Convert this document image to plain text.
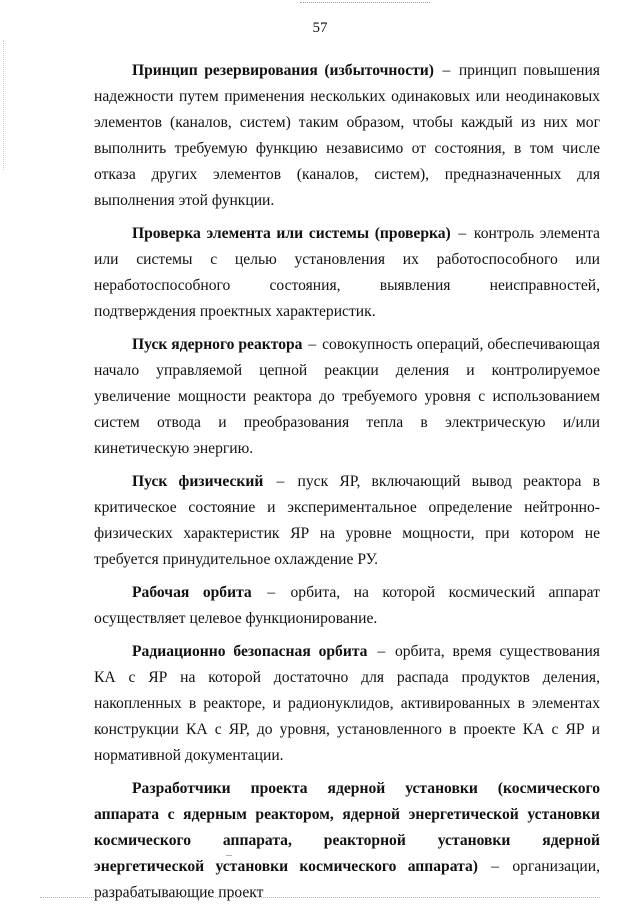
57

Принцип резервирования (избыточности) – принцип повышения надежности путем применения нескольких одинаковых или неодинаковых элементов (каналов, систем) таким образом, чтобы каждый из них мог выполнить требуемую функцию независимо от состояния, в том числе отказа других элементов (каналов, систем), предназначенных для выполнения этой функции.

Проверка элемента или системы (проверка) – контроль элемента или системы с целью установления их работоспособного или неработоспособного состояния, выявления неисправностей, подтверждения проектных характеристик.

Пуск ядерного реактора – совокупность операций, обеспечивающая начало управляемой цепной реакции деления и контролируемое увеличение мощности реактора до требуемого уровня с использованием систем отвода и преобразования тепла в электрическую и/или кинетическую энергию.

Пуск физический – пуск ЯР, включающий вывод реактора в критическое состояние и экспериментальное определение нейтронно-физических характеристик ЯР на уровне мощности, при котором не требуется принудительное охлаждение РУ.

Рабочая орбита – орбита, на которой космический аппарат осуществляет целевое функционирование.

Радиационно безопасная орбита – орбита, время существования КА с ЯР на которой достаточно для распада продуктов деления, накопленных в реакторе, и радионуклидов, активированных в элементах конструкции КА с ЯР, до уровня, установленного в проекте КА с ЯР и нормативной документации.

Разработчики проекта ядерной установки (космического аппарата с ядерным реактором, ядерной энергетической установки космического аппарата, реакторной установки ядерной энергетической установки космического аппарата) – организации, разрабатывающие проект
